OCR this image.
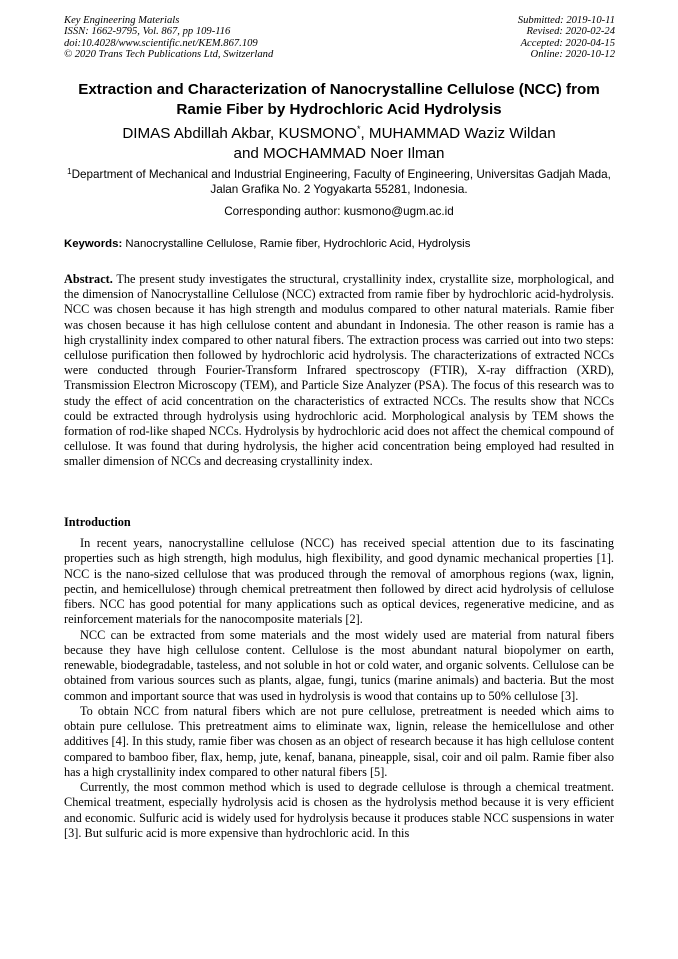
Key Engineering Materials
ISSN: 1662-9795, Vol. 867, pp 109-116
doi:10.4028/www.scientific.net/KEM.867.109
© 2020 Trans Tech Publications Ltd, Switzerland
Submitted: 2019-10-11
Revised: 2020-02-24
Accepted: 2020-04-15
Online: 2020-10-12
Extraction and Characterization of Nanocrystalline Cellulose (NCC) from
Ramie Fiber by Hydrochloric Acid Hydrolysis
DIMAS Abdillah Akbar, KUSMONO*, MUHAMMAD Waziz Wildan
and MOCHAMMAD Noer Ilman
$^1$Department of Mechanical and Industrial Engineering, Faculty of Engineering, Universitas Gadjah Mada, Jalan Grafika No. 2 Yogyakarta 55281, Indonesia.
Corresponding author: kusmono@ugm.ac.id
Keywords: Nanocrystalline Cellulose, Ramie fiber, Hydrochloric Acid, Hydrolysis
Abstract. The present study investigates the structural, crystallinity index, crystallite size, morphological, and the dimension of Nanocrystalline Cellulose (NCC) extracted from ramie fiber by hydrochloric acid-hydrolysis. NCC was chosen because it has high strength and modulus compared to other natural materials. Ramie fiber was chosen because it has high cellulose content and abundant in Indonesia. The other reason is ramie has a high crystallinity index compared to other natural fibers. The extraction process was carried out into two steps: cellulose purification then followed by hydrochloric acid hydrolysis. The characterizations of extracted NCCs were conducted through Fourier-Transform Infrared spectroscopy (FTIR), X-ray diffraction (XRD), Transmission Electron Microscopy (TEM), and Particle Size Analyzer (PSA). The focus of this research was to study the effect of acid concentration on the characteristics of extracted NCCs. The results show that NCCs could be extracted through hydrolysis using hydrochloric acid. Morphological analysis by TEM shows the formation of rod-like shaped NCCs. Hydrolysis by hydrochloric acid does not affect the chemical compound of cellulose. It was found that during hydrolysis, the higher acid concentration being employed had resulted in smaller dimension of NCCs and decreasing crystallinity index.
Introduction

In recent years, nanocrystalline cellulose (NCC) has received special attention due to its fascinating properties such as high strength, high modulus, high flexibility, and good dynamic mechanical properties [1]. NCC is the nano-sized cellulose that was produced through the removal of amorphous regions (wax, lignin, pectin, and hemicellulose) through chemical pretreatment then followed by direct acid hydrolysis of cellulose fibers. NCC has good potential for many applications such as optical devices, regenerative medicine, and as reinforcement materials for the nanocomposite materials [2].

NCC can be extracted from some materials and the most widely used are material from natural fibers because they have high cellulose content. Cellulose is the most abundant natural biopolymer on earth, renewable, biodegradable, tasteless, and not soluble in hot or cold water, and organic solvents. Cellulose can be obtained from various sources such as plants, algae, fungi, tunics (marine animals) and bacteria. But the most common and important source that was used in hydrolysis is wood that contains up to 50% cellulose [3].

To obtain NCC from natural fibers which are not pure cellulose, pretreatment is needed which aims to obtain pure cellulose. This pretreatment aims to eliminate wax, lignin, release the hemicellulose and other additives [4]. In this study, ramie fiber was chosen as an object of research because it has high cellulose content compared to bamboo fiber, flax, hemp, jute, kenaf, banana, pineapple, sisal, coir and oil palm. Ramie fiber also has a high crystallinity index compared to other natural fibers [5].

Currently, the most common method which is used to degrade cellulose is through a chemical treatment. Chemical treatment, especially hydrolysis acid is chosen as the hydrolysis method because it is very efficient and economic. Sulfuric acid is widely used for hydrolysis because it produces stable NCC suspensions in water [3]. But sulfuric acid is more expensive than hydrochloric acid. In this
